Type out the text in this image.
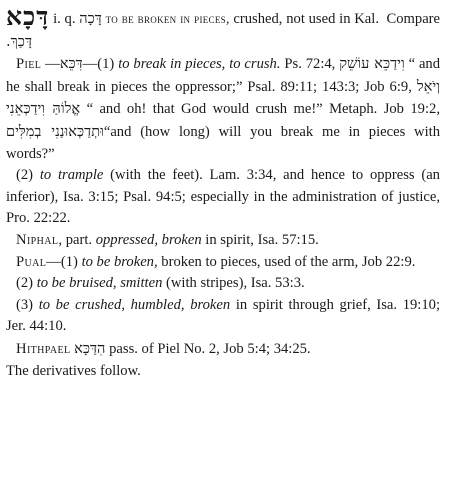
דָּכָא i. q. דָּכָה to be broken in pieces, crushed, not used in Kal. Compare דָּכַךְ.

Piel —דִּכֵּא—(1) to break in pieces, to crush. Ps. 72:4, וִידַכֵּא עוֹשֵׁק “ and he shall break in pieces the oppressor;” Psal. 89:11; 143:3; Job 6:9, וְיֹאֵל אֱלוֹהַּ וִידַכְּאֵנִי “ and oh! that God would crush me!” Metaph. Job 19:2, וּתְדַכְּאוּנַנִי בְמִלִּים“and (how long) will you break me in pieces with words?”

(2) to trample (with the feet). Lam. 3:34, and hence to oppress (an inferior), Isa. 3:15; Psal. 94:5; especially in the administration of justice, Pro. 22:22.

Niphal, part. oppressed, broken in spirit, Isa. 57:15.

Pual—(1) to be broken, broken to pieces, used of the arm, Job 22:9.

(2) to be bruised, smitten (with stripes), Isa. 53:3.

(3) to be crushed, humbled, broken in spirit through grief, Isa. 19:10; Jer. 44:10.

Hithpael הִדַּכָּא pass. of Piel No. 2, Job 5:4; 34:25.

The derivatives follow.
